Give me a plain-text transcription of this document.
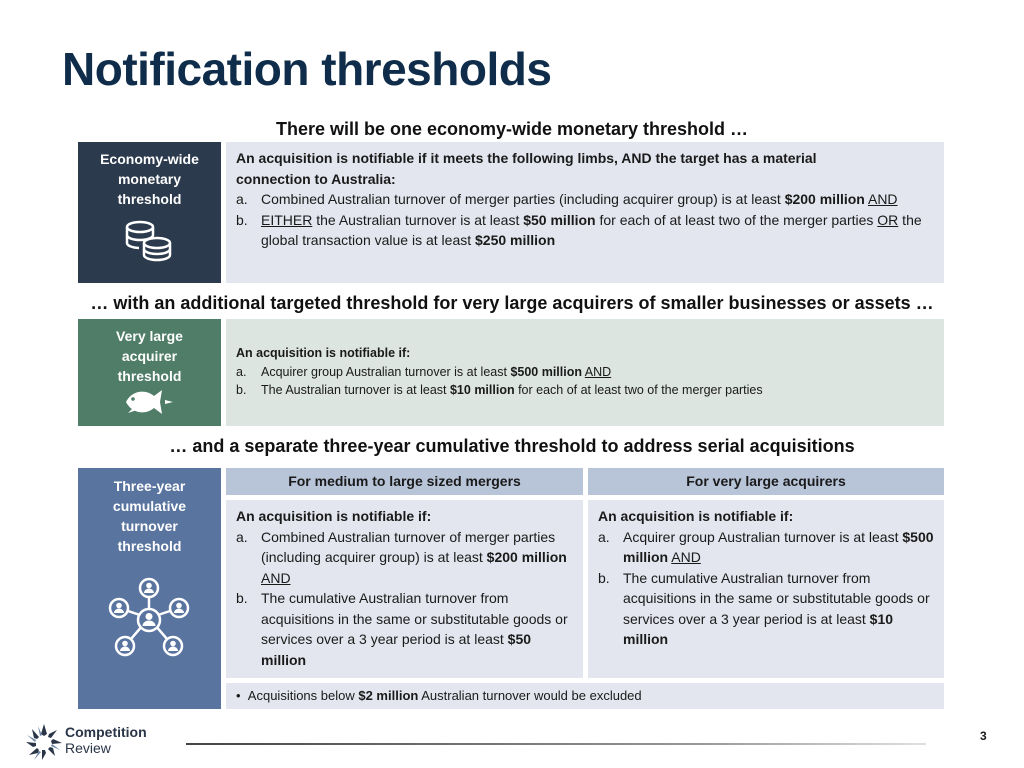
Notification thresholds
There will be one economy-wide monetary threshold …
Economy-wide
monetary
threshold
An acquisition is notifiable if it meets the following limbs, AND the target has a material
connection to Australia:
a. Combined Australian turnover of merger parties (including acquirer group) is at least $200 million AND
b. EITHER the Australian turnover is at least $50 million for each of at least two of the merger parties OR the global transaction value is at least $250 million
… with an additional targeted threshold for very large acquirers of smaller businesses or assets …
Very large
acquirer
threshold
An acquisition is notifiable if:
a.	Acquirer group Australian turnover is at least $500 million AND
b.	The Australian turnover is at least $10 million for each of at least two of the merger parties
… and a separate three-year cumulative threshold to address serial acquisitions
Three-year
cumulative
turnover
threshold
For medium to large sized mergers	For very large acquirers
An acquisition is notifiable if:
a. Combined Australian turnover of merger parties (including acquirer group) is at least $200 million AND
b. The cumulative Australian turnover from acquisitions in the same or substitutable goods or services over a 3 year period is at least $50 million
An acquisition is notifiable if:
a. Acquirer group Australian turnover is at least $500 million AND
b. The cumulative Australian turnover from acquisitions in the same or substitutable goods or services over a 3 year period is at least $10 million
• Acquisitions below $2 million Australian turnover would be excluded
Competition
Review
3
